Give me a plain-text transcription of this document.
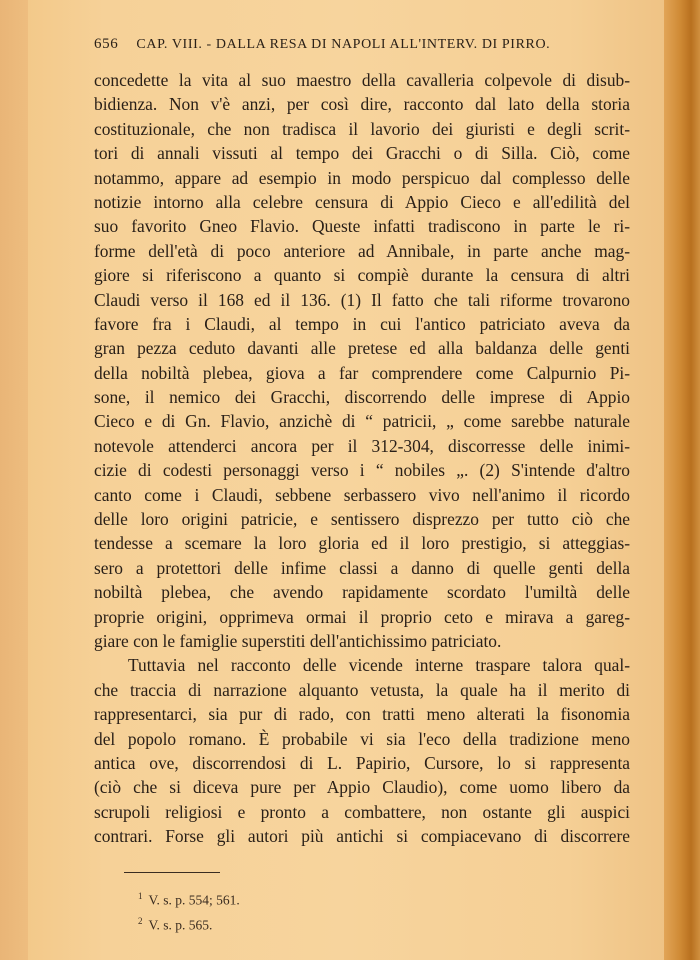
656 CAP. VIII. - DALLA RESA DI NAPOLI ALL'INTERV. DI PIRRO.
concedette la vita al suo maestro della cavalleria colpevole di disub-
bidienza. Non v'è anzi, per così dire, racconto dal lato della storia
costituzionale, che non tradisca il lavorio dei giuristi e degli scrit-
tori di annali vissuti al tempo dei Gracchi o di Silla. Ciò, come
notammo, appare ad esempio in modo perspicuo dal complesso delle
notizie intorno alla celebre censura di Appio Cieco e all'edilità del
suo favorito Gneo Flavio. Queste infatti tradiscono in parte le ri-
forme dell'età di poco anteriore ad Annibale, in parte anche mag-
giore si riferiscono a quanto si compiè durante la censura di altri
Claudi verso il 168 ed il 136. (1) Il fatto che tali riforme trovarono
favore fra i Claudi, al tempo in cui l'antico patriciato aveva da
gran pezza ceduto davanti alle pretese ed alla baldanza delle genti
della nobiltà plebea, giova a far comprendere come Calpurnio Pi-
sone, il nemico dei Gracchi, discorrendo delle imprese di Appio
Cieco e di Gn. Flavio, anzichè di “ patricii, „ come sarebbe naturale
notevole attenderci ancora per il 312-304, discorresse delle inimi-
cizie di codesti personaggi verso i “ nobiles „. (2) S'intende d'altro
canto come i Claudi, sebbene serbassero vivo nell'animo il ricordo
delle loro origini patricie, e sentissero disprezzo per tutto ciò che
tendesse a scemare la loro gloria ed il loro prestigio, si atteggias-
sero a protettori delle infime classi a danno di quelle genti della
nobiltà plebea, che avendo rapidamente scordato l'umiltà delle
proprie origini, opprimeva ormai il proprio ceto e mirava a gareg-
giare con le famiglie superstiti dell'antichissimo patriciato.
Tuttavia nel racconto delle vicende interne traspare talora qual-
che traccia di narrazione alquanto vetusta, la quale ha il merito di
rappresentarci, sia pur di rado, con tratti meno alterati la fisonomia
del popolo romano. È probabile vi sia l'eco della tradizione meno
antica ove, discorrendosi di L. Papirio, Cursore, lo si rappresenta
(ciò che si diceva pure per Appio Claudio), come uomo libero da
scrupoli religiosi e pronto a combattere, non ostante gli auspici
contrari. Forse gli autori più antichi si compiacevano di discorrere
$^1$ V. s. p. 554; 561.
$^2$ V. s. p. 565.
